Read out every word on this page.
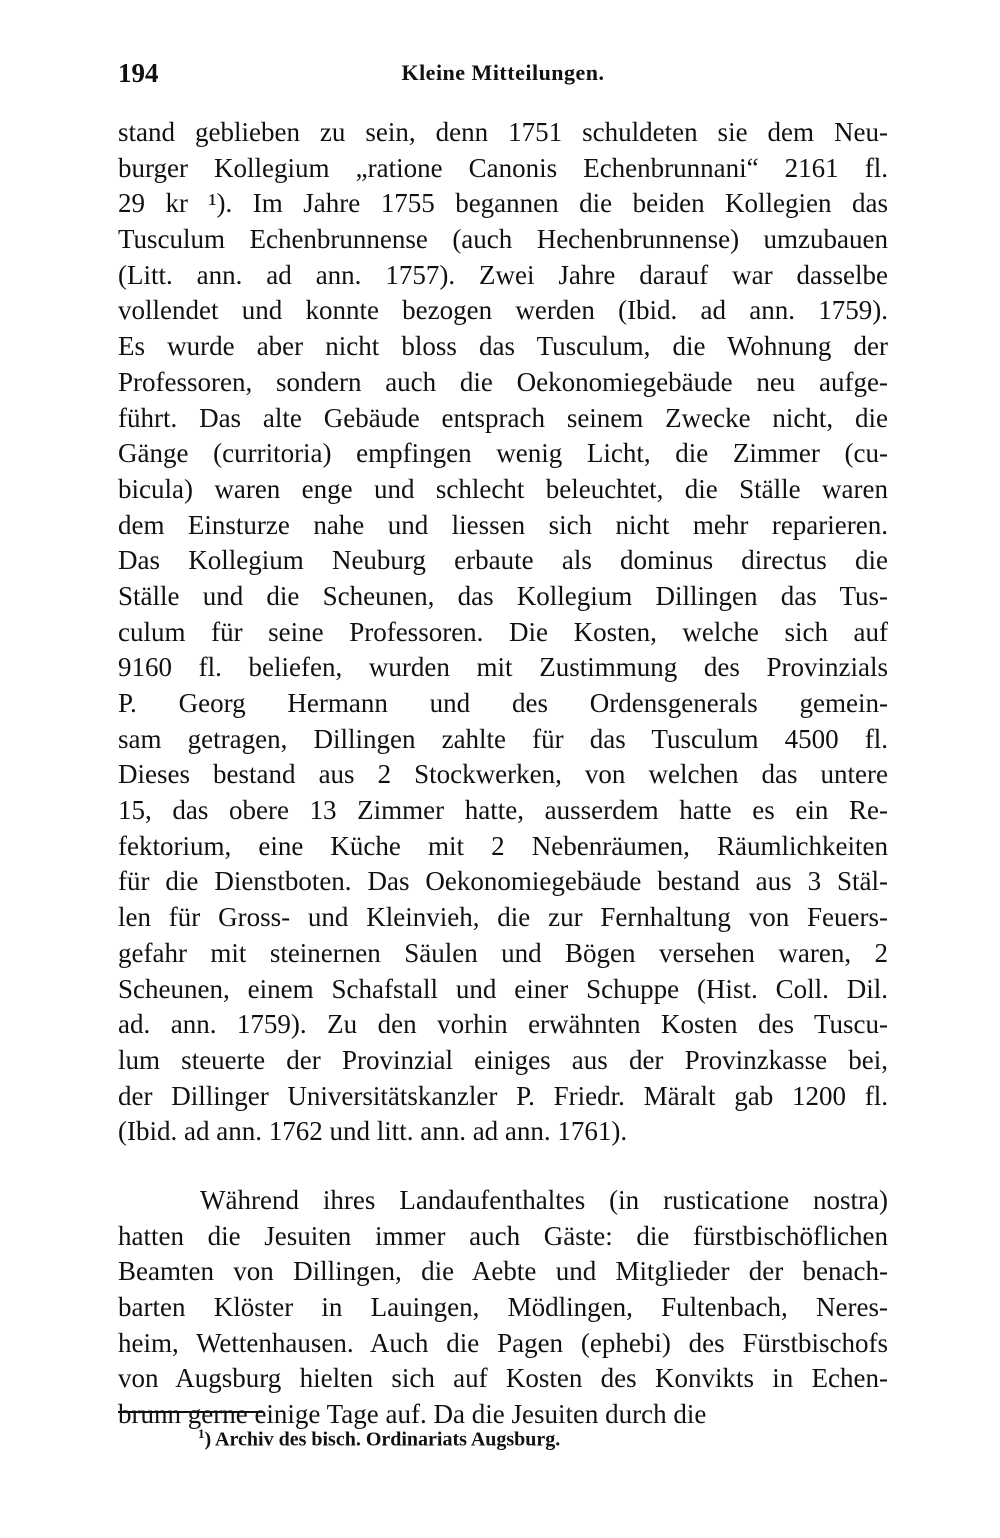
194	Kleine Mitteilungen.
stand geblieben zu sein, denn 1751 schuldeten sie dem Neu-
burger Kollegium „ratione Canonis Echenbrunnani“ 2161 fl.
29 kr ¹). Im Jahre 1755 begannen die beiden Kollegien das
Tusculum Echenbrunnense (auch Hechenbrunnense) umzubauen
(Litt. ann. ad ann. 1757). Zwei Jahre darauf war dasselbe
vollendet und konnte bezogen werden (Ibid. ad ann. 1759).
Es wurde aber nicht bloss das Tusculum, die Wohnung der
Professoren, sondern auch die Oekonomiegebäude neu aufge-
führt. Das alte Gebäude entsprach seinem Zwecke nicht, die
Gänge (curritoria) empfingen wenig Licht, die Zimmer (cu-
bicula) waren enge und schlecht beleuchtet, die Ställe waren
dem Einsturze nahe und liessen sich nicht mehr reparieren.
Das Kollegium Neuburg erbaute als dominus directus die
Ställe und die Scheunen, das Kollegium Dillingen das Tus-
culum für seine Professoren. Die Kosten, welche sich auf
9160 fl. beliefen, wurden mit Zustimmung des Provinzials
P. Georg Hermann und des Ordensgenerals gemein-
sam getragen, Dillingen zahlte für das Tusculum 4500 fl.
Dieses bestand aus 2 Stockwerken, von welchen das untere
15, das obere 13 Zimmer hatte, ausserdem hatte es ein Re-
fektorium, eine Küche mit 2 Nebenräumen, Räumlichkeiten
für die Dienstboten. Das Oekonomiegebäude bestand aus 3 Stäl-
len für Gross- und Kleinvieh, die zur Fernhaltung von Feuers-
gefahr mit steinernen Säulen und Bögen versehen waren, 2
Scheunen, einem Schafstall und einer Schuppe (Hist. Coll. Dil.
ad. ann. 1759). Zu den vorhin erwähnten Kosten des Tuscu-
lum steuerte der Provinzial einiges aus der Provinzkasse bei,
der Dillinger Universitätskanzler P. Friedr. Märalt gab 1200 fl.
(Ibid. ad ann. 1762 und litt. ann. ad ann. 1761).
Während ihres Landaufenthaltes (in rusticatione nostra)
hatten die Jesuiten immer auch Gäste: die fürstbischöflichen
Beamten von Dillingen, die Aebte und Mitglieder der benach-
barten Klöster in Lauingen, Mödlingen, Fultenbach, Neres-
heim, Wettenhausen. Auch die Pagen (ephebi) des Fürstbischofs
von Augsburg hielten sich auf Kosten des Konvikts in Echen-
brunn gerne einige Tage auf. Da die Jesuiten durch die
$^1$) Archiv des bisch. Ordinariats Augsburg.
